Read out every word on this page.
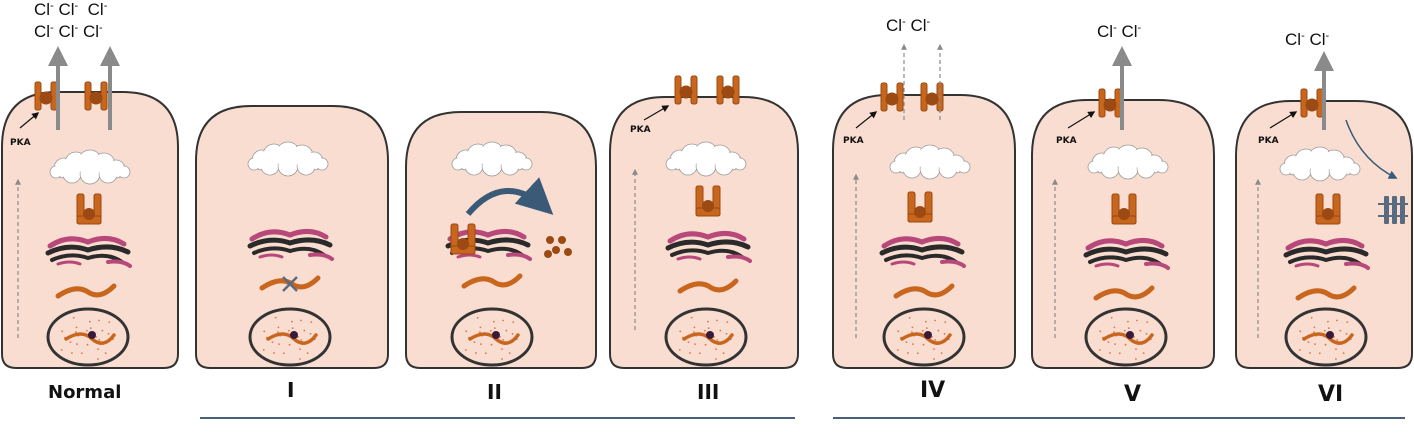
Normal	I	II	III	IV	V	VI
Cl- Cl- Cl-
Cl- Cl- Cl-	Cl- Cl-	Cl- Cl-
Cl- Cl-
PKA
PKA
PKA	PKA	PKA
